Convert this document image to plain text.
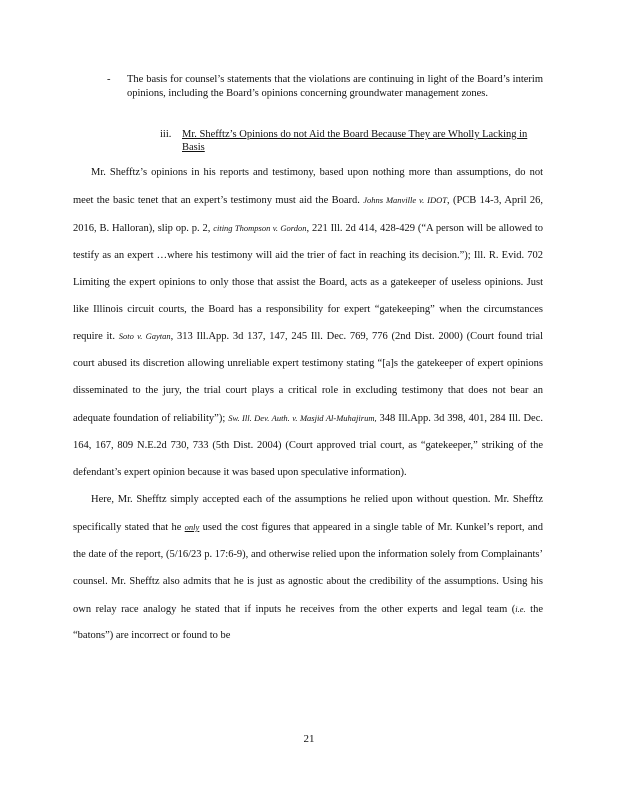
- The basis for counsel’s statements that the violations are continuing in light of the Board’s interim opinions, including the Board’s opinions concerning groundwater management zones.
iii. Mr. Shefftz’s Opinions do not Aid the Board Because They are Wholly Lacking in Basis

Mr. Shefftz’s opinions in his reports and testimony, based upon nothing more than assumptions, do not meet the basic tenet that an expert’s testimony must aid the Board. Johns Manville v. IDOT, (PCB 14-3, April 26, 2016, B. Halloran), slip op. p. 2, citing Thompson v. Gordon, 221 Ill. 2d 414, 428-429 (“A person will be allowed to testify as an expert …where his testimony will aid the trier of fact in reaching its decision.”); Ill. R. Evid. 702 Limiting the expert opinions to only those that assist the Board, acts as a gatekeeper of useless opinions. Just like Illinois circuit courts, the Board has a responsibility for expert “gatekeeping” when the circumstances require it. Soto v. Gaytan, 313 Ill.App. 3d 137, 147, 245 Ill. Dec. 769, 776 (2nd Dist. 2000) (Court found trial court abused its discretion allowing unreliable expert testimony stating “[a]s the gatekeeper of expert opinions disseminated to the jury, the trial court plays a critical role in excluding testimony that does not bear an adequate foundation of reliability”); Sw. Ill. Dev. Auth. v. Masjid Al-Muhajirum, 348 Ill.App. 3d 398, 401, 284 Ill. Dec. 164, 167, 809 N.E.2d 730, 733 (5th Dist. 2004) (Court approved trial court, as “gatekeeper,” striking of the defendant’s expert opinion because it was based upon speculative information).

Here, Mr. Shefftz simply accepted each of the assumptions he relied upon without question. Mr. Shefftz specifically stated that he only used the cost figures that appeared in a single table of Mr. Kunkel’s report, and the date of the report, (5/16/23 p. 17:6-9), and otherwise relied upon the information solely from Complainants’ counsel. Mr. Shefftz also admits that he is just as agnostic about the credibility of the assumptions. Using his own relay race analogy he stated that if inputs he receives from the other experts and legal team (i.e. the “batons”) are incorrect or found to be

21
